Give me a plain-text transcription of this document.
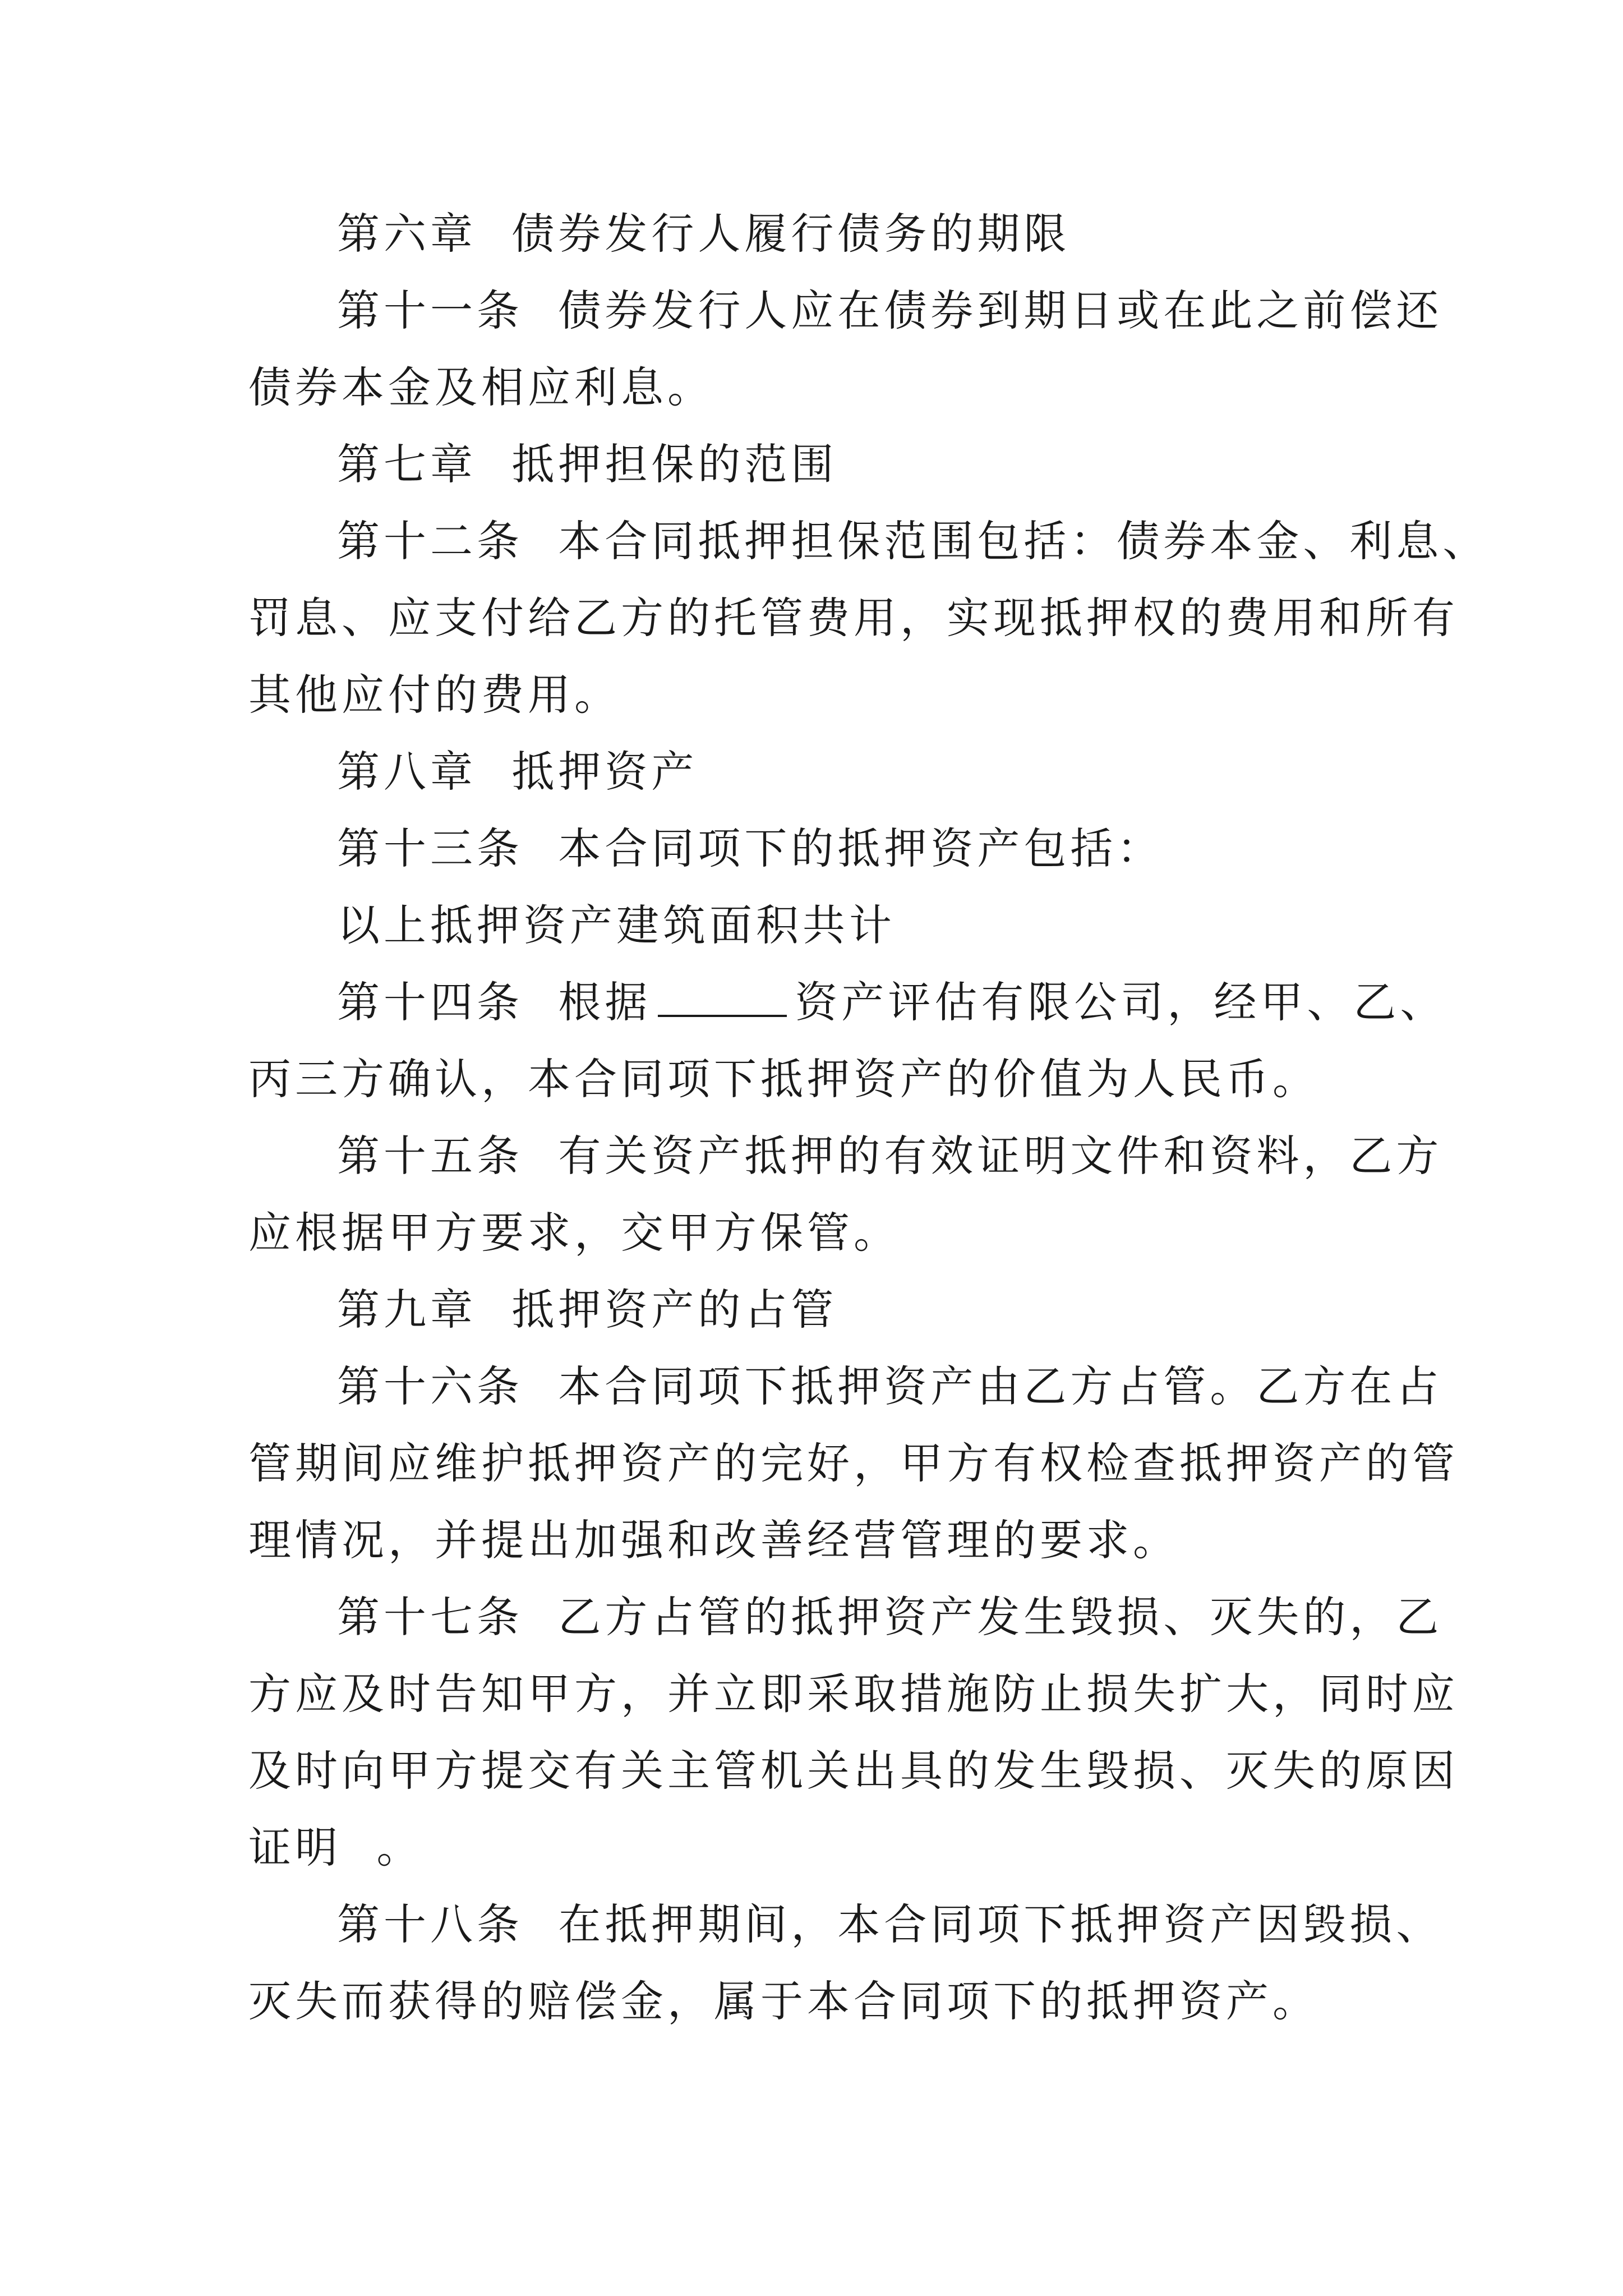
第六章  债券发行人履行债务的期限
第十一条  债券发行人应在债券到期日或在此之前偿还
债券本金及相应利息。
第七章  抵押担保的范围
第十二条  本合同抵押担保范围包括：债券本金、利息、
罚息、应支付给乙方的托管费用，实现抵押权的费用和所有
其他应付的费用。
第八章  抵押资产
第十三条  本合同项下的抵押资产包括：
以上抵押资产建筑面积共计
第十四条  根据	资产评估有限公司，经甲、乙、
丙三方确认，本合同项下抵押资产的价值为人民币。
第十五条  有关资产抵押的有效证明文件和资料，乙方
应根据甲方要求，交甲方保管。
第九章  抵押资产的占管
第十六条  本合同项下抵押资产由乙方占管。乙方在占
管期间应维护抵押资产的完好，甲方有权检查抵押资产的管
理情况，并提出加强和改善经营管理的要求。
第十七条  乙方占管的抵押资产发生毁损、灭失的，乙
方应及时告知甲方，并立即采取措施防止损失扩大，同时应
及时向甲方提交有关主管机关出具的发生毁损、灭失的原因
证明  。
第十八条  在抵押期间，本合同项下抵押资产因毁损、
灭失而获得的赔偿金，属于本合同项下的抵押资产。
